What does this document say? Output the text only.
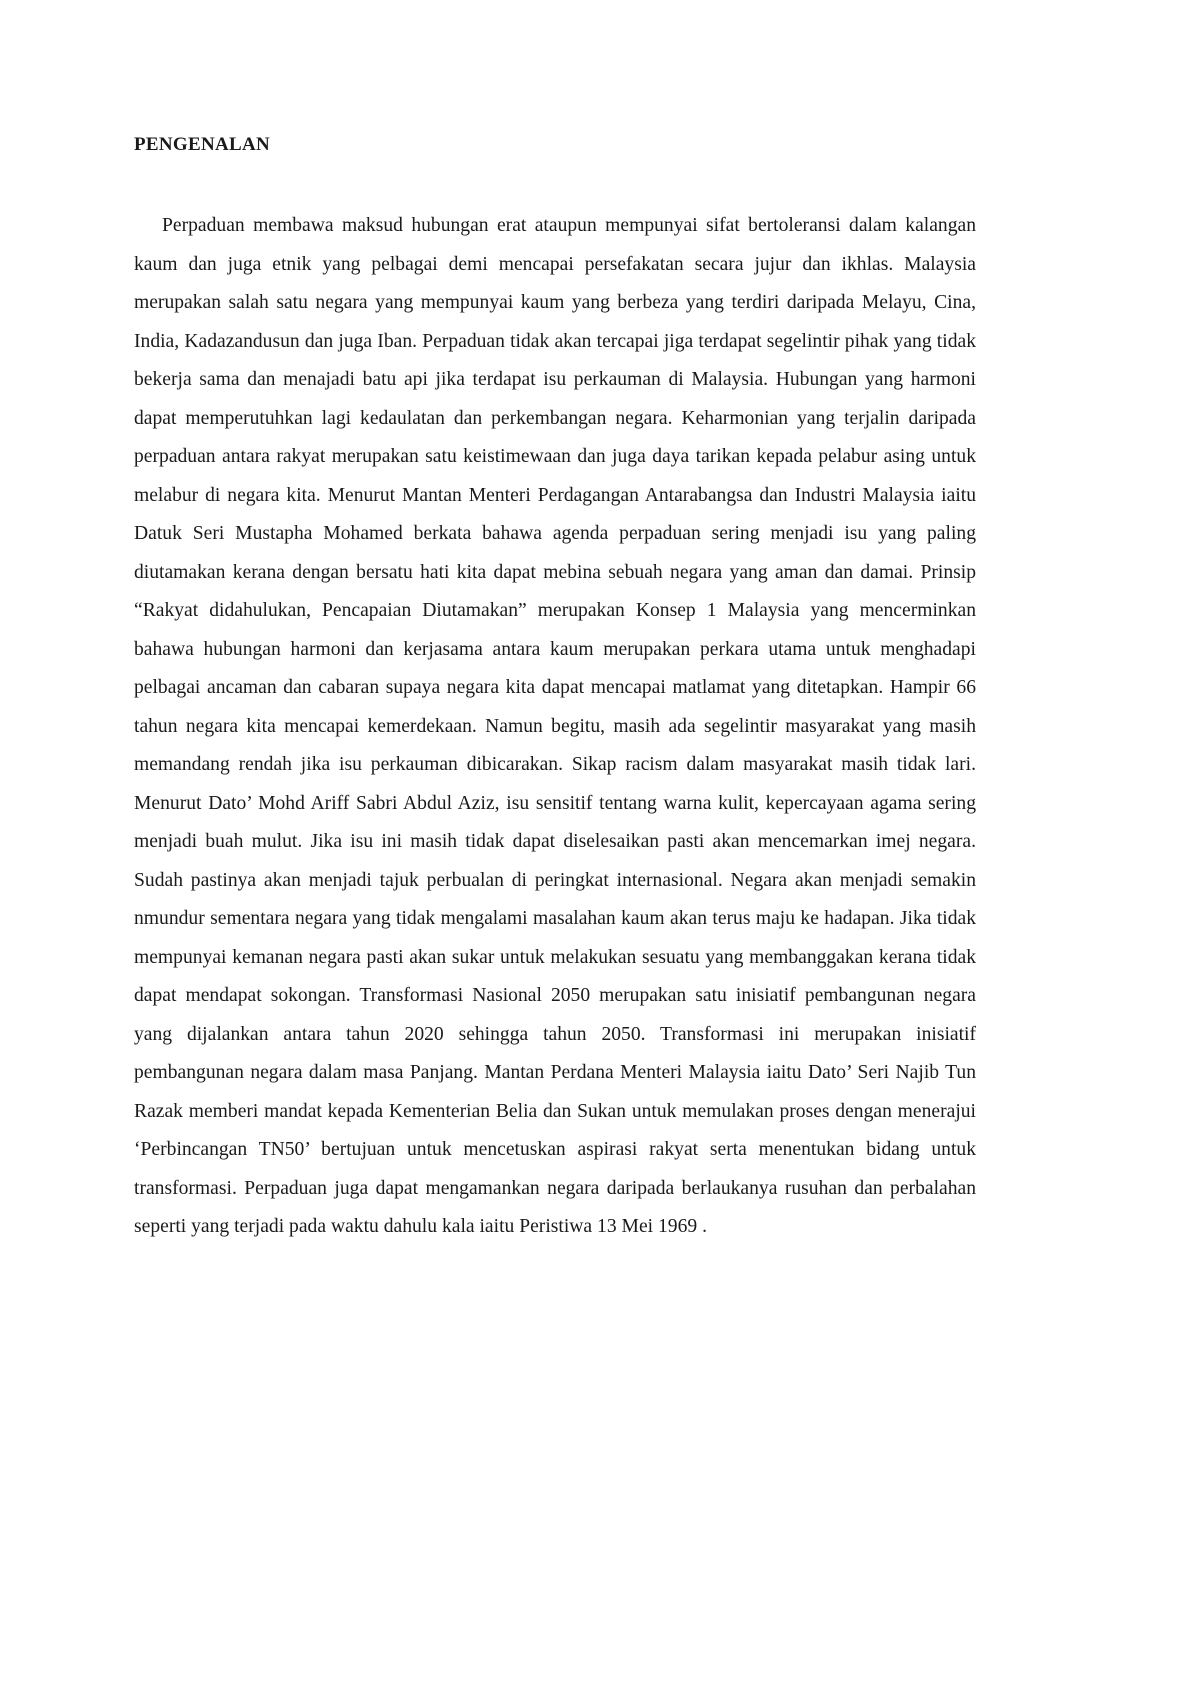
PENGENALAN

Perpaduan membawa maksud hubungan erat ataupun mempunyai sifat bertoleransi dalam kalangan kaum dan juga etnik yang pelbagai demi mencapai persefakatan secara jujur dan ikhlas. Malaysia merupakan salah satu negara yang mempunyai kaum yang berbeza yang terdiri daripada Melayu, Cina, India, Kadazandusun dan juga Iban. Perpaduan tidak akan tercapai jiga terdapat segelintir pihak yang tidak bekerja sama dan menajadi batu api jika terdapat isu perkauman di Malaysia. Hubungan yang harmoni dapat memperutuhkan lagi kedaulatan dan perkembangan negara. Keharmonian yang terjalin daripada perpaduan antara rakyat merupakan satu keistimewaan dan juga daya tarikan kepada pelabur asing untuk melabur di negara kita. Menurut Mantan Menteri Perdagangan Antarabangsa dan Industri Malaysia iaitu Datuk Seri Mustapha Mohamed berkata bahawa agenda perpaduan sering menjadi isu yang paling diutamakan kerana dengan bersatu hati kita dapat mebina sebuah negara yang aman dan damai. Prinsip “Rakyat didahulukan, Pencapaian Diutamakan” merupakan Konsep 1 Malaysia yang mencerminkan bahawa hubungan harmoni dan kerjasama antara kaum merupakan perkara utama untuk menghadapi pelbagai ancaman dan cabaran supaya negara kita dapat mencapai matlamat yang ditetapkan. Hampir 66 tahun negara kita mencapai kemerdekaan. Namun begitu, masih ada segelintir masyarakat yang masih memandang rendah jika isu perkauman dibicarakan. Sikap racism dalam masyarakat masih tidak lari. Menurut Dato’ Mohd Ariff Sabri Abdul Aziz, isu sensitif tentang warna kulit, kepercayaan agama sering menjadi buah mulut. Jika isu ini masih tidak dapat diselesaikan pasti akan mencemarkan imej negara. Sudah pastinya akan menjadi tajuk perbualan di peringkat internasional. Negara akan menjadi semakin nmundur sementara negara yang tidak mengalami masalahan kaum akan terus maju ke hadapan. Jika tidak mempunyai kemanan negara pasti akan sukar untuk melakukan sesuatu yang membanggakan kerana tidak dapat mendapat sokongan. Transformasi Nasional 2050 merupakan satu inisiatif pembangunan negara yang dijalankan antara tahun 2020 sehingga tahun 2050. Transformasi ini merupakan inisiatif pembangunan negara dalam masa Panjang. Mantan Perdana Menteri Malaysia iaitu Dato’ Seri Najib Tun Razak memberi mandat kepada Kementerian Belia dan Sukan untuk memulakan proses dengan menerajui ‘Perbincangan TN50’ bertujuan untuk mencetuskan aspirasi rakyat serta menentukan bidang untuk transformasi. Perpaduan juga dapat mengamankan negara daripada berlaukanya rusuhan dan perbalahan seperti yang terjadi pada waktu dahulu kala iaitu Peristiwa 13 Mei 1969 .
